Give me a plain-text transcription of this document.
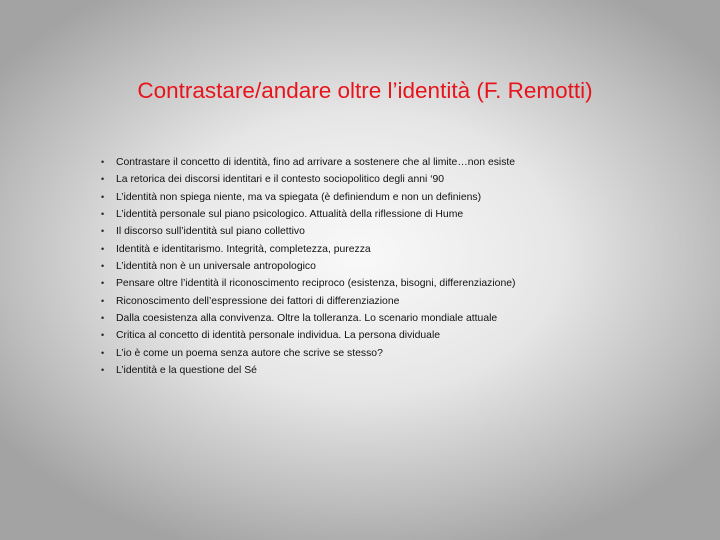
Contrastare/andare oltre l’identità (F. Remotti)
• Contrastare il concetto di identità, fino ad arrivare a sostenere che al limite…non esiste
• La retorica dei discorsi identitari e il contesto sociopolitico degli anni ‘90
• L’identità non spiega niente, ma va spiegata (è definiendum e non un definiens)
• L’identità personale sul piano psicologico. Attualità della riflessione di Hume
• Il discorso sull’identità sul piano collettivo
• Identità e identitarismo. Integrità, completezza, purezza
• L’identità non è un universale antropologico
• Pensare oltre l’identità il riconoscimento reciproco (esistenza, bisogni, differenziazione)
• Riconoscimento dell’espressione dei fattori di differenziazione
• Dalla coesistenza alla convivenza. Oltre la tolleranza. Lo scenario mondiale attuale
• Critica al concetto di identità personale individua. La persona dividuale
• L’io è come un poema senza autore che scrive se stesso?
• L’identità e la questione del Sé
